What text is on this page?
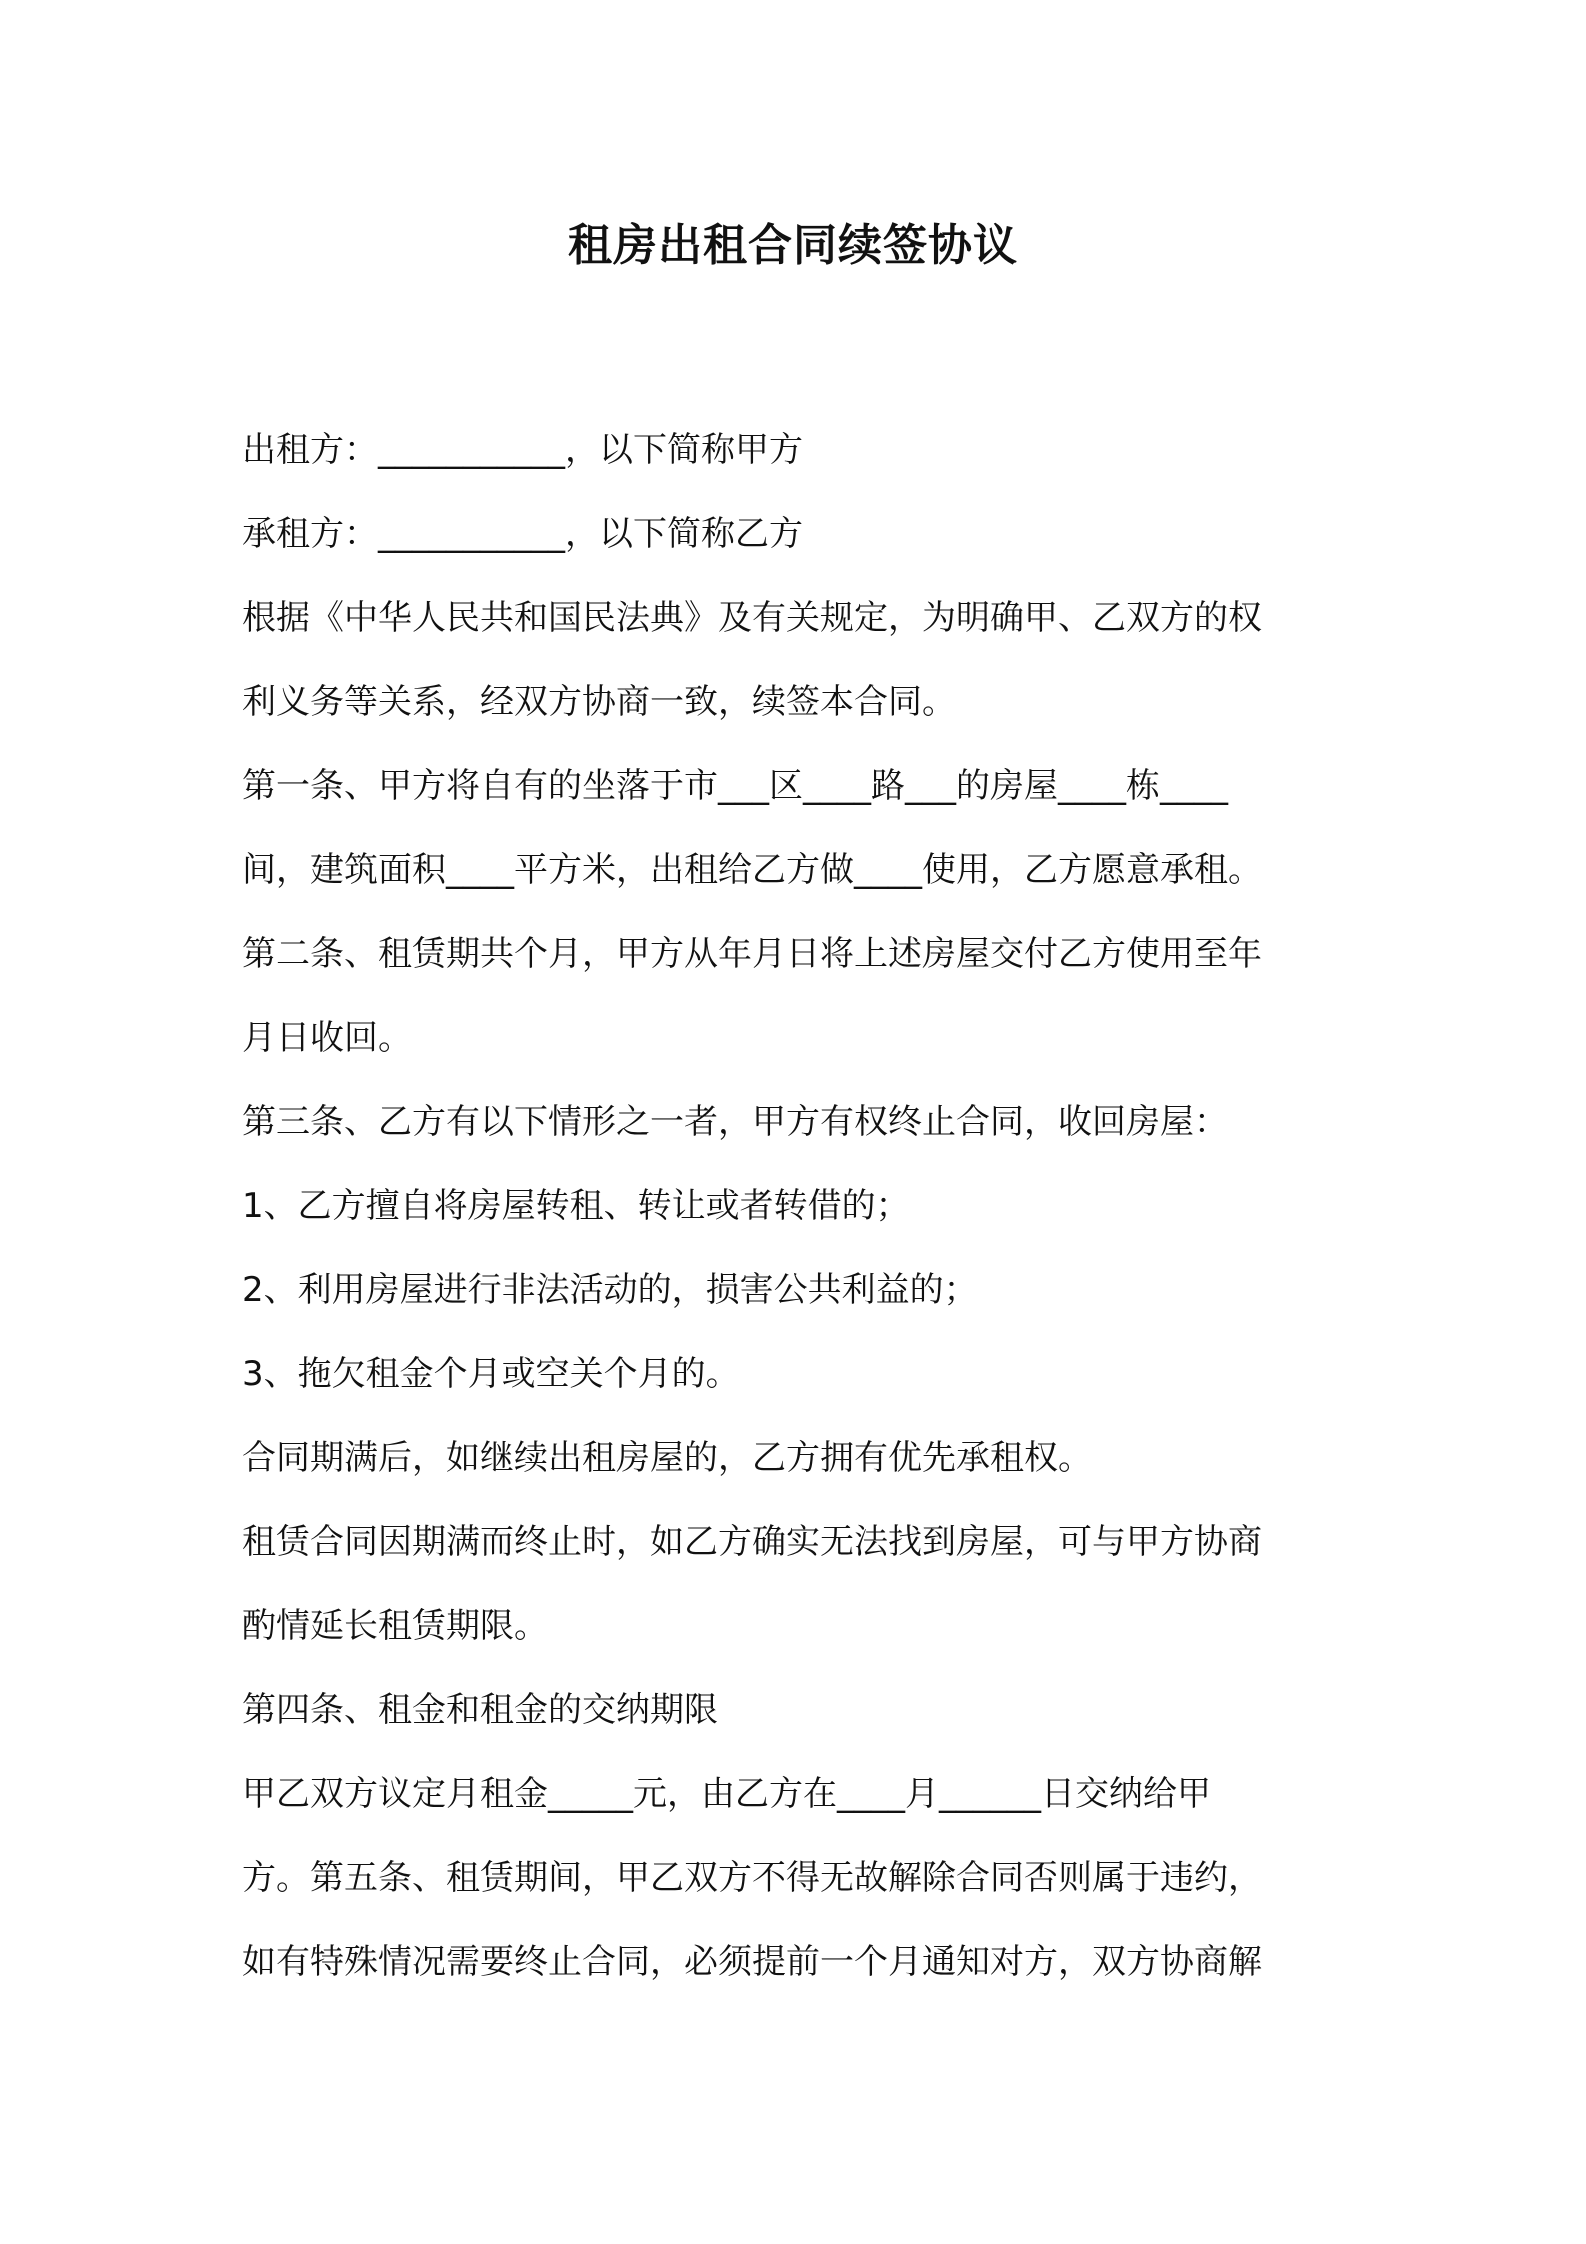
租房出租合同续签协议
出租方：___________，以下简称甲方
承租方：___________，以下简称乙方
根据《中华人民共和国民法典》及有关规定，为明确甲、乙双方的权
利义务等关系，经双方协商一致，续签本合同。
第一条、甲方将自有的坐落于市___区____路___的房屋____栋____
间，建筑面积____平方米，出租给乙方做____使用，乙方愿意承租。
第二条、租赁期共个月，甲方从年月日将上述房屋交付乙方使用至年
月日收回。
第三条、乙方有以下情形之一者，甲方有权终止合同，收回房屋：
1、乙方擅自将房屋转租、转让或者转借的；
2、利用房屋进行非法活动的，损害公共利益的；
3、拖欠租金个月或空关个月的。
合同期满后，如继续出租房屋的，乙方拥有优先承租权。
租赁合同因期满而终止时，如乙方确实无法找到房屋，可与甲方协商
酌情延长租赁期限。
第四条、租金和租金的交纳期限
甲乙双方议定月租金_____元，由乙方在____月______日交纳给甲
方。第五条、租赁期间，甲乙双方不得无故解除合同否则属于违约，
如有特殊情况需要终止合同，必须提前一个月通知对方，双方协商解
